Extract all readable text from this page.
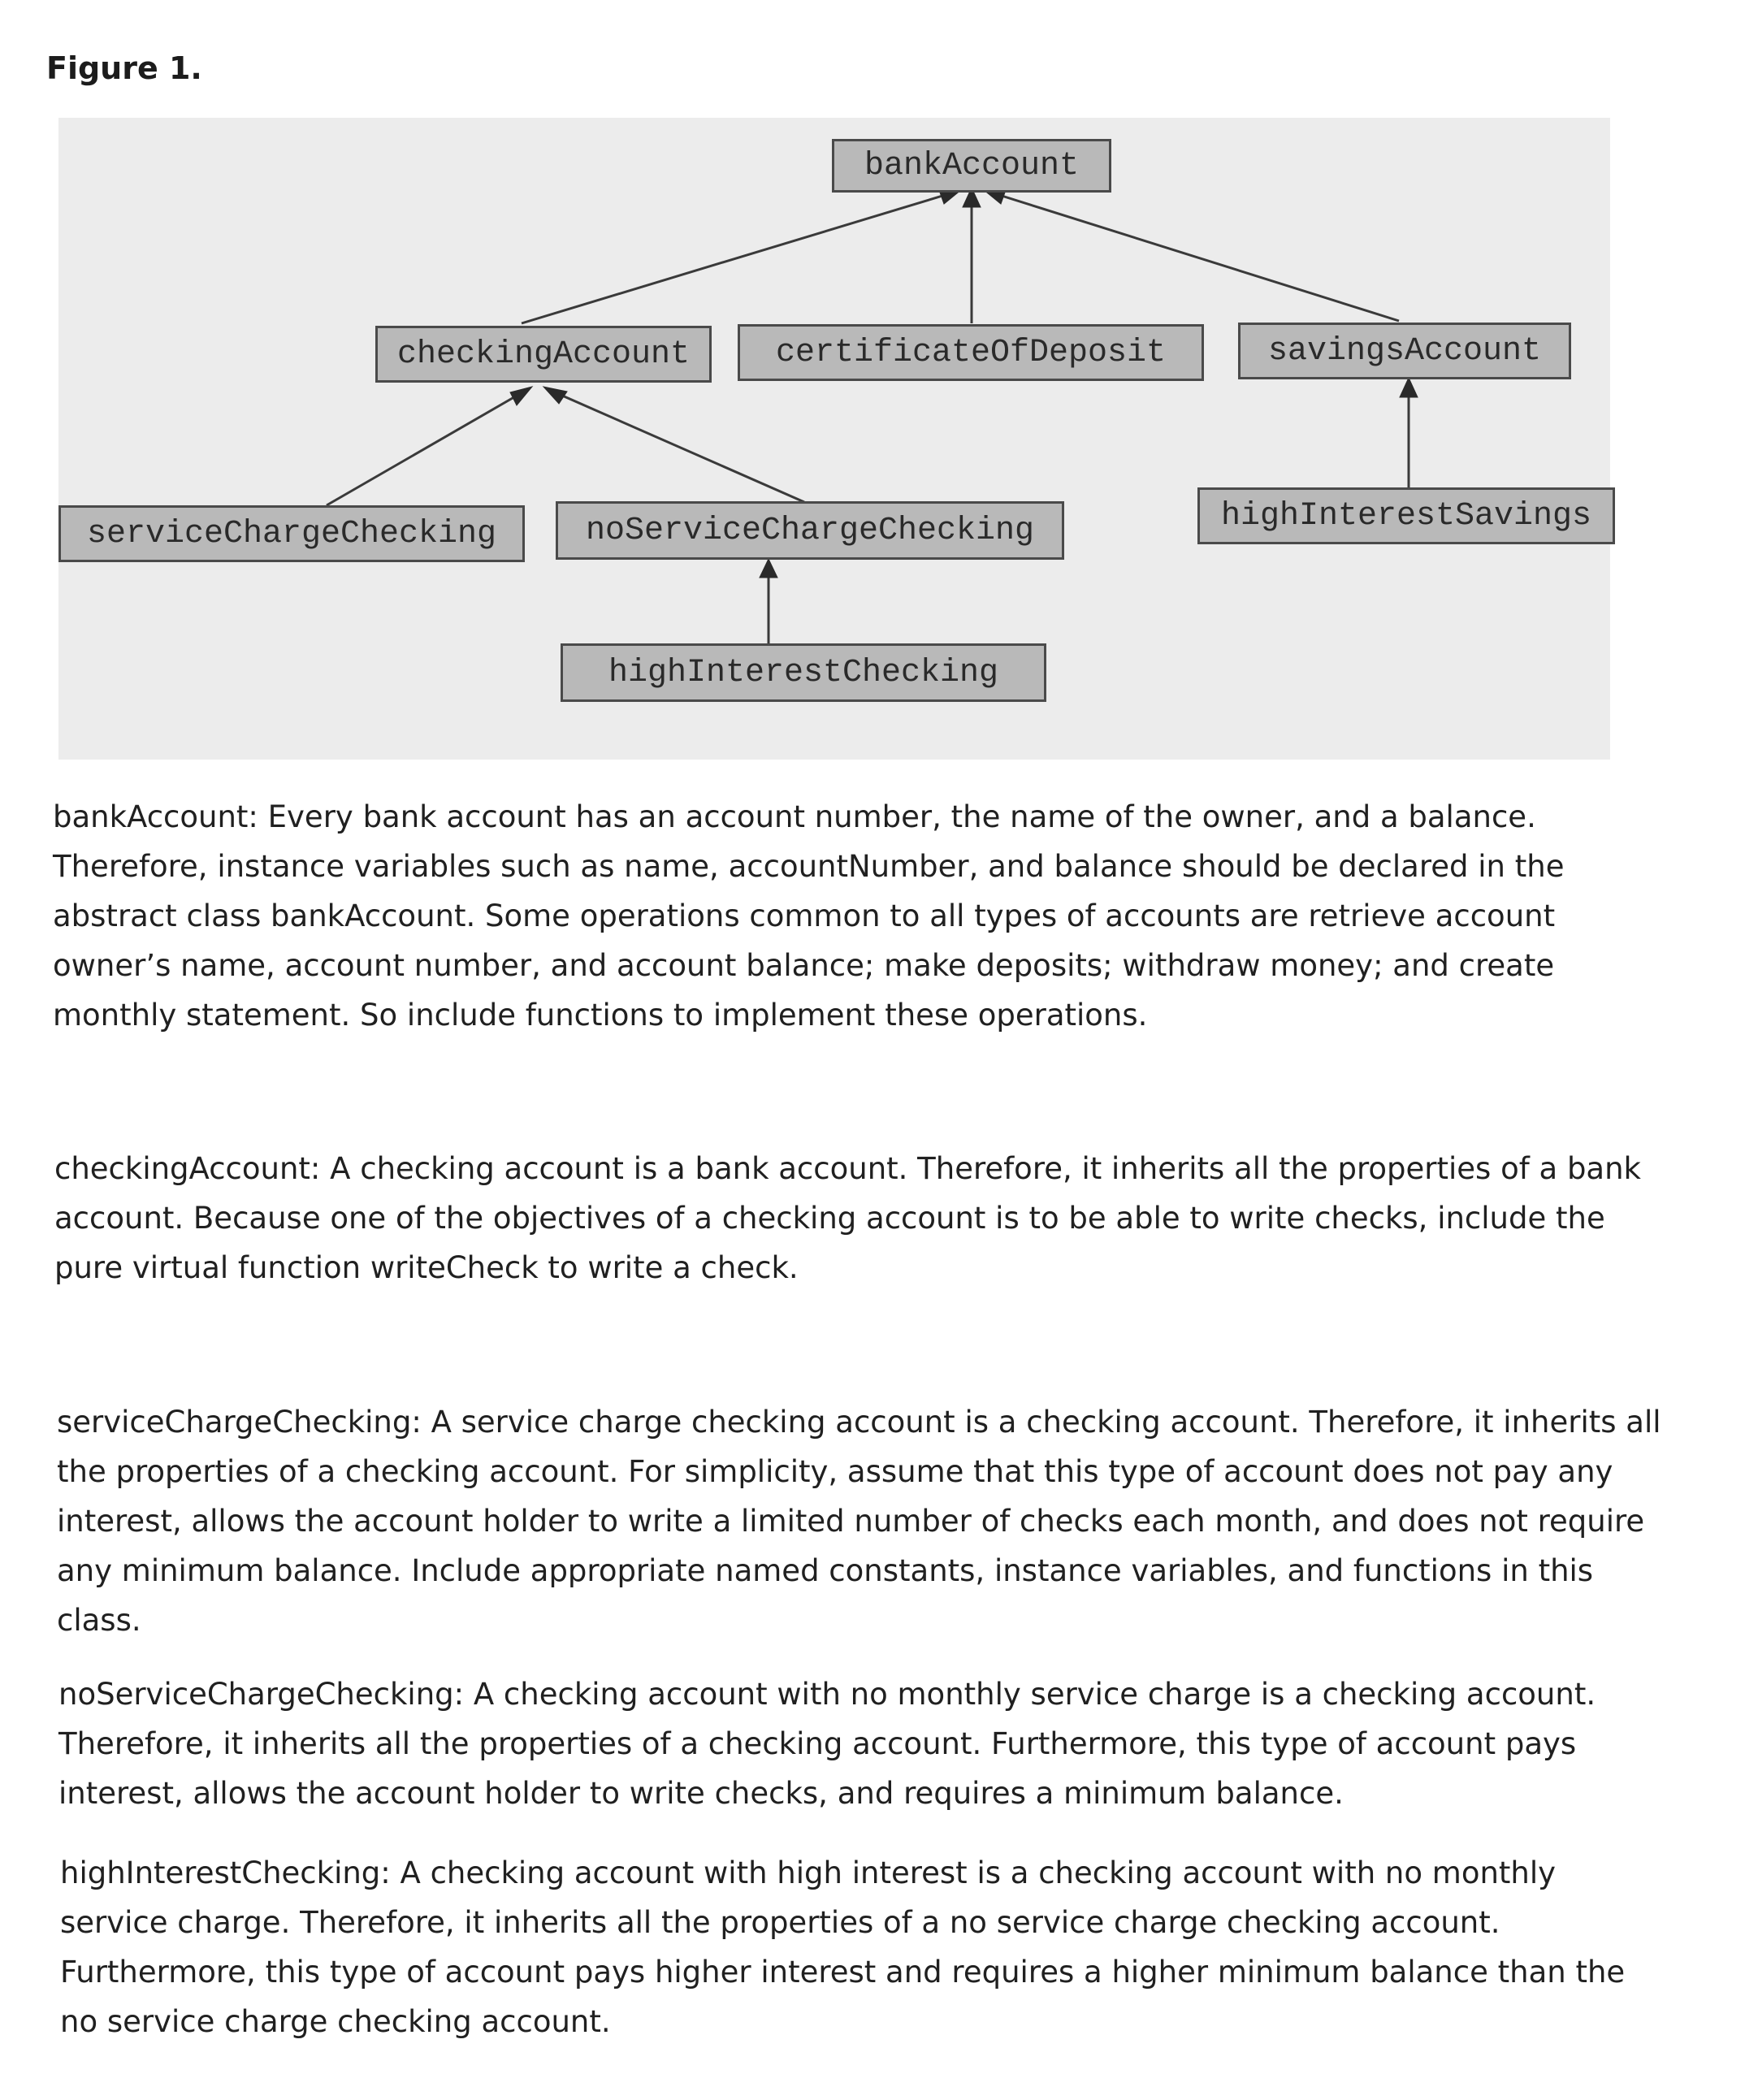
Figure 1.
bankAccount
checkingAccount	certificateOfDeposit	savingsAccount
serviceChargeChecking	noServiceChargeChecking	highInterestSavings
highInterestChecking

bankAccount: Every bank account has an account number, the name of the owner, and a balance. Therefore, instance variables such as name, accountNumber, and balance should be declared in the abstract class bankAccount. Some operations common to all types of accounts are retrieve account owner’s name, account number, and account balance; make deposits; withdraw money; and create monthly statement. So include functions to implement these operations.

checkingAccount: A checking account is a bank account. Therefore, it inherits all the properties of a bank account. Because one of the objectives of a checking account is to be able to write checks, include the pure virtual function writeCheck to write a check.

serviceChargeChecking: A service charge checking account is a checking account. Therefore, it inherits all the properties of a checking account. For simplicity, assume that this type of account does not pay any interest, allows the account holder to write a limited number of checks each month, and does not require any minimum balance. Include appropriate named constants, instance variables, and functions in this class.

noServiceChargeChecking: A checking account with no monthly service charge is a checking account. Therefore, it inherits all the properties of a checking account. Furthermore, this type of account pays interest, allows the account holder to write checks, and requires a minimum balance.

highInterestChecking: A checking account with high interest is a checking account with no monthly service charge. Therefore, it inherits all the properties of a no service charge checking account. Furthermore, this type of account pays higher interest and requires a higher minimum balance than the no service charge checking account.
